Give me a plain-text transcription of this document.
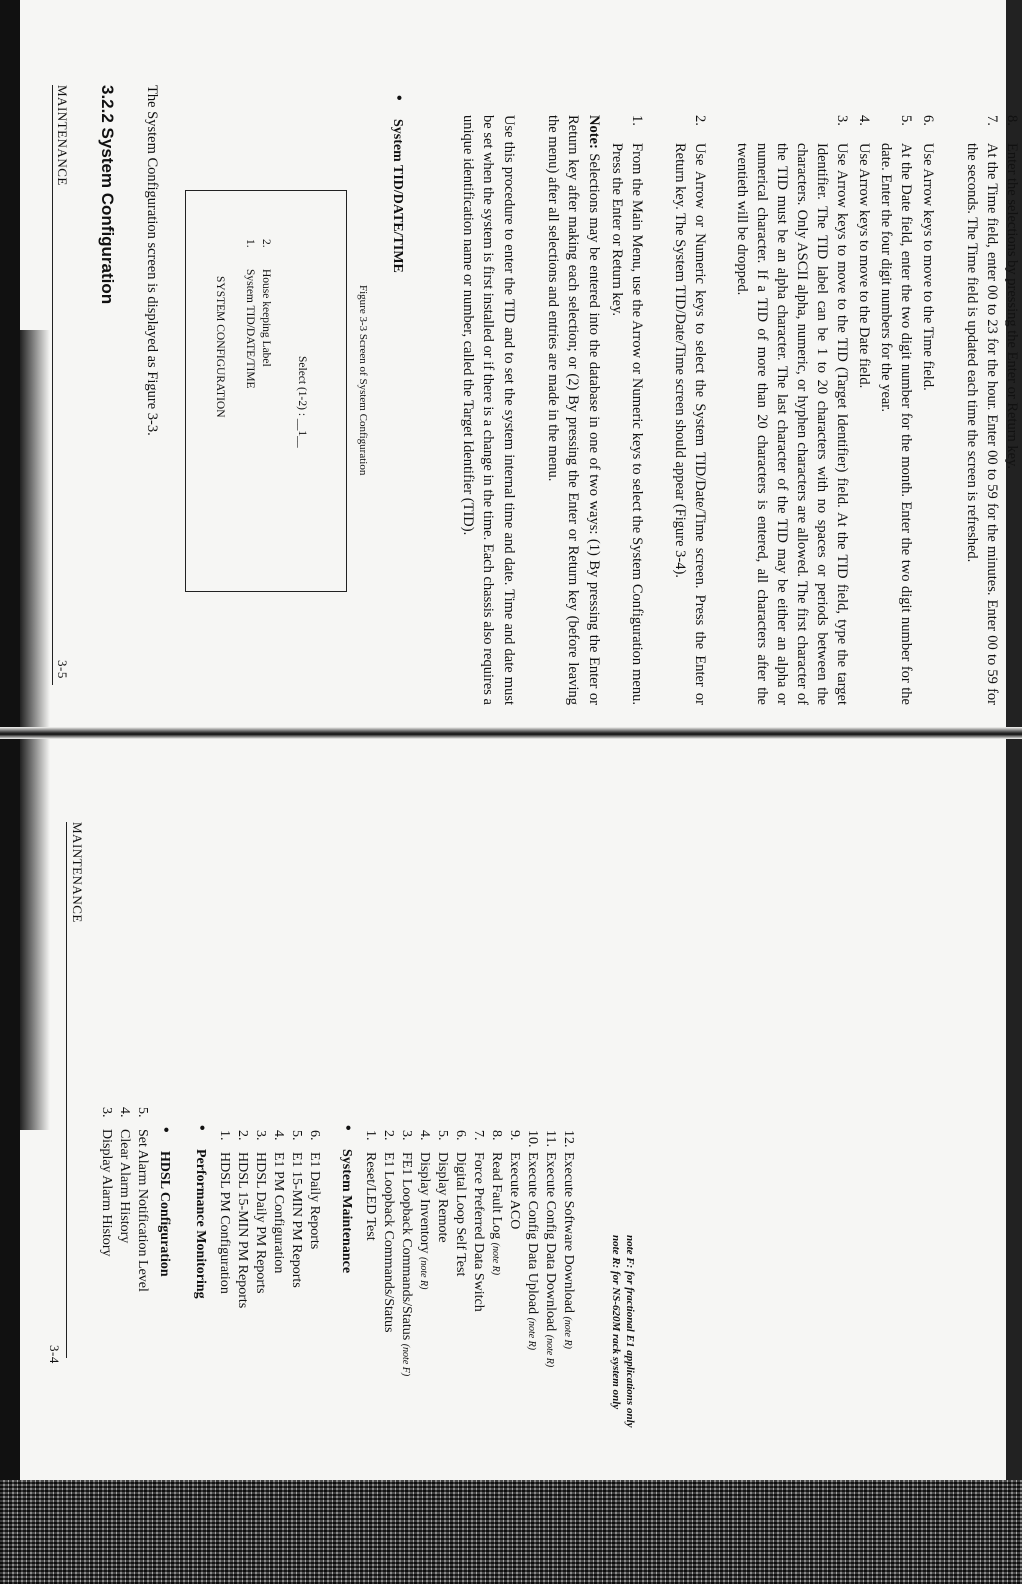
3-4
MAINTENANCE
3.Display Alarm History
4.Clear Alarm History
5.Set Alarm Notification Level •HDSL Configuration
•Performance Monitoring
1.HDSL PM Configuration
2.HDSL 15-MIN PM Reports
3.HDSL Daily PM Reports
4.E1 PM Configuration
5.E1 15-MIN PM Reports
6.E1 Daily Reports
•System Maintenance
1.Reset/LED Test
2.E1 Loopback Commands/Status
3.FE1 Loopback Commands/Status (note F)
4.Display Inventory (note R)
5.Display Remote
6.Digital Loop Self Test
7.Force Preferred Data Switch
8.Read Fault Log (note R)
9.Execute ACO
10.Execute Config Data Upload (note R)
11.Execute Config Data Download (note R)
12.Execute Software Download (note R)	note R: for NS-620M rack system only note F: for fractional E1 applications only
MAINTENANCE
3-5
3.2.2 System Configuration The System Configuration screen is displayed as Figure 3-3.	SYSTEM CONFIGURATION
1.System TID/DATE/TIME
2.House keeping Label
Select (1-2) : __1__	Figure 3-3 Screen of System Configuration
•System TID/DATE/TIME	Use this procedure to enter the TID and to set the system internal time and date. Time and date must be set when the system is first installed or if there is a change in the time. Each chassis also requires a unique identification name or number, called the Target Identifier (TID).	Note: Selections may be entered into the database in one of two ways: (1) By pressing the Enter or Return key after making each selection; or (2) By pressing the Enter or Return key (before leaving the menu) after all selections and entries are made in the menu.	1.
From the Main Menu, use the Arrow or Numeric keys to select the System Configuration menu. Press the Enter or Return key.
2.
Use Arrow or Numeric keys to select the System TID/Date/Time screen. Press the Enter or Return key. The System TID/Date/Time screen should appear (Figure 3-4).
3.
Use Arrow keys to move to the TID (Target Identifier) field. At the TID field, type the target Identifier. The TID label can be 1 to 20 characters with no spaces or periods between the characters. Only ASCII alpha, numeric, or hyphen characters are allowed. The first character of the TID must be an alpha character. The last character of the TID may be either an alpha or numerical character. If a TID of more than 20 characters is entered, all characters after the twentieth will be dropped.
4.
Use Arrow keys to move to the Date field.
5.
At the Date field, enter the two digit number for the month. Enter the two digit number for the date. Enter the four digit numbers for the year.
6.
Use Arrow keys to move to the Time field.
7.
At the Time field, enter 00 to 23 for the hour. Enter 00 to 59 for the minutes. Enter 00 to 59 for the seconds. The Time field is updated each time the screen is refreshed.
8.
Enter the selections by pressing the Enter or Return key.
